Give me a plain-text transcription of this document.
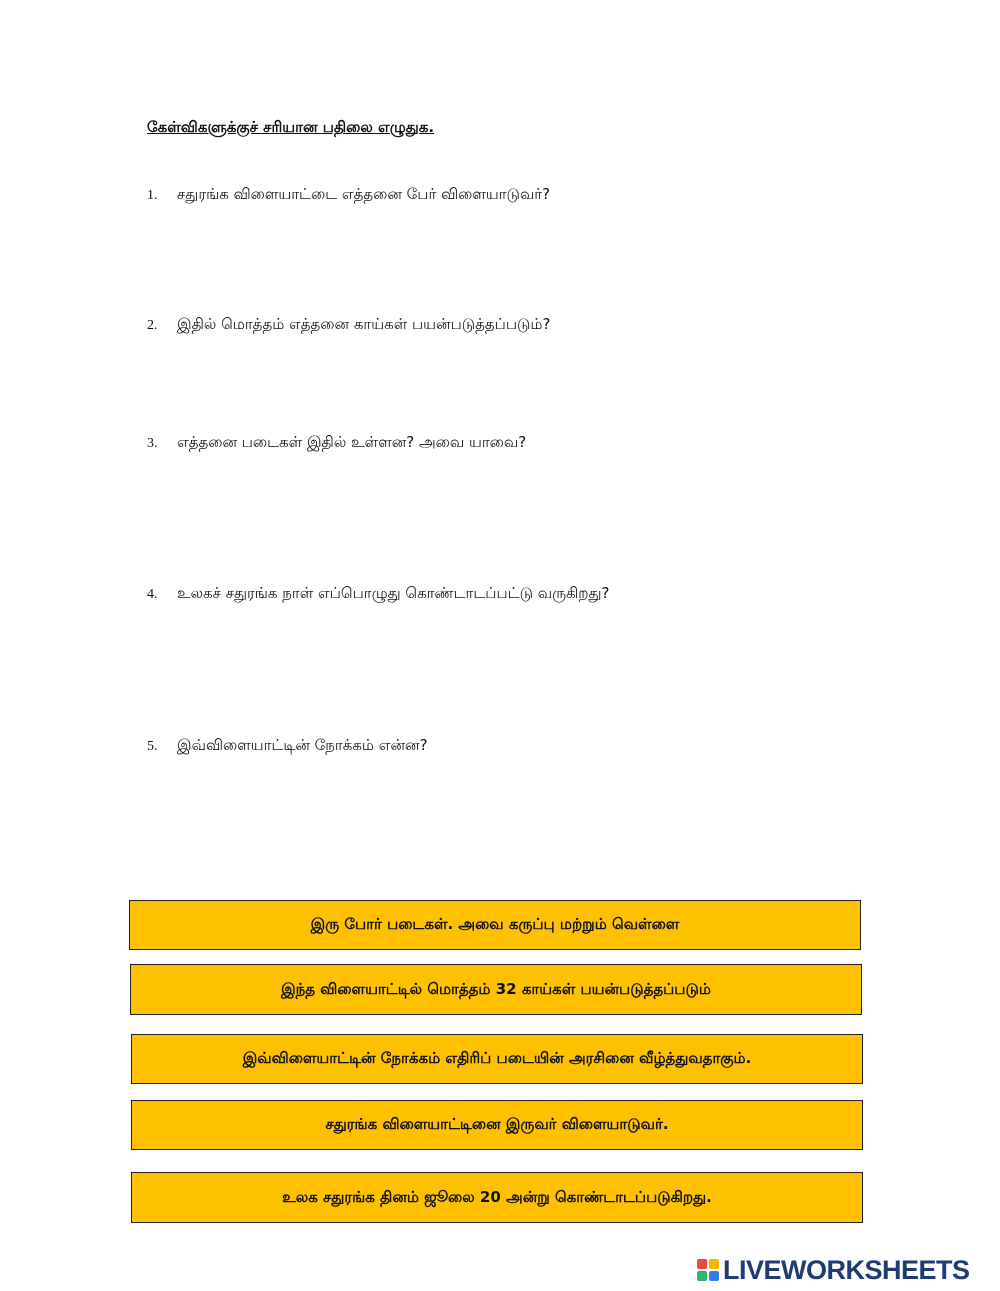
கேள்விகளுக்குச் சரியான பதிலை எழுதுக.
1. சதுரங்க விளையாட்டை எத்தனை பேர் விளையாடுவர்?
2. இதில் மொத்தம் எத்தனை காய்கள் பயன்படுத்தப்படும்?
3. எத்தனை படைகள் இதில் உள்ளன? அவை யாவை?
4. உலகச் சதுரங்க நாள் எப்பொழுது கொண்டாடப்பட்டு வருகிறது?
5. இவ்விளையாட்டின் நோக்கம் என்ன?
இரு போர் படைகள். அவை கருப்பு மற்றும் வெள்ளை
இந்த விளையாட்டில் மொத்தம் 32 காய்கள் பயன்படுத்தப்படும்
இவ்விளையாட்டின் நோக்கம் எதிரிப் படையின் அரசினை வீழ்த்துவதாகும்.
சதுரங்க விளையாட்டினை இருவர் விளையாடுவர்.
உலக சதுரங்க தினம் ஜூலை 20 அன்று கொண்டாடப்படுகிறது.
LIVEWORKSHEETS
